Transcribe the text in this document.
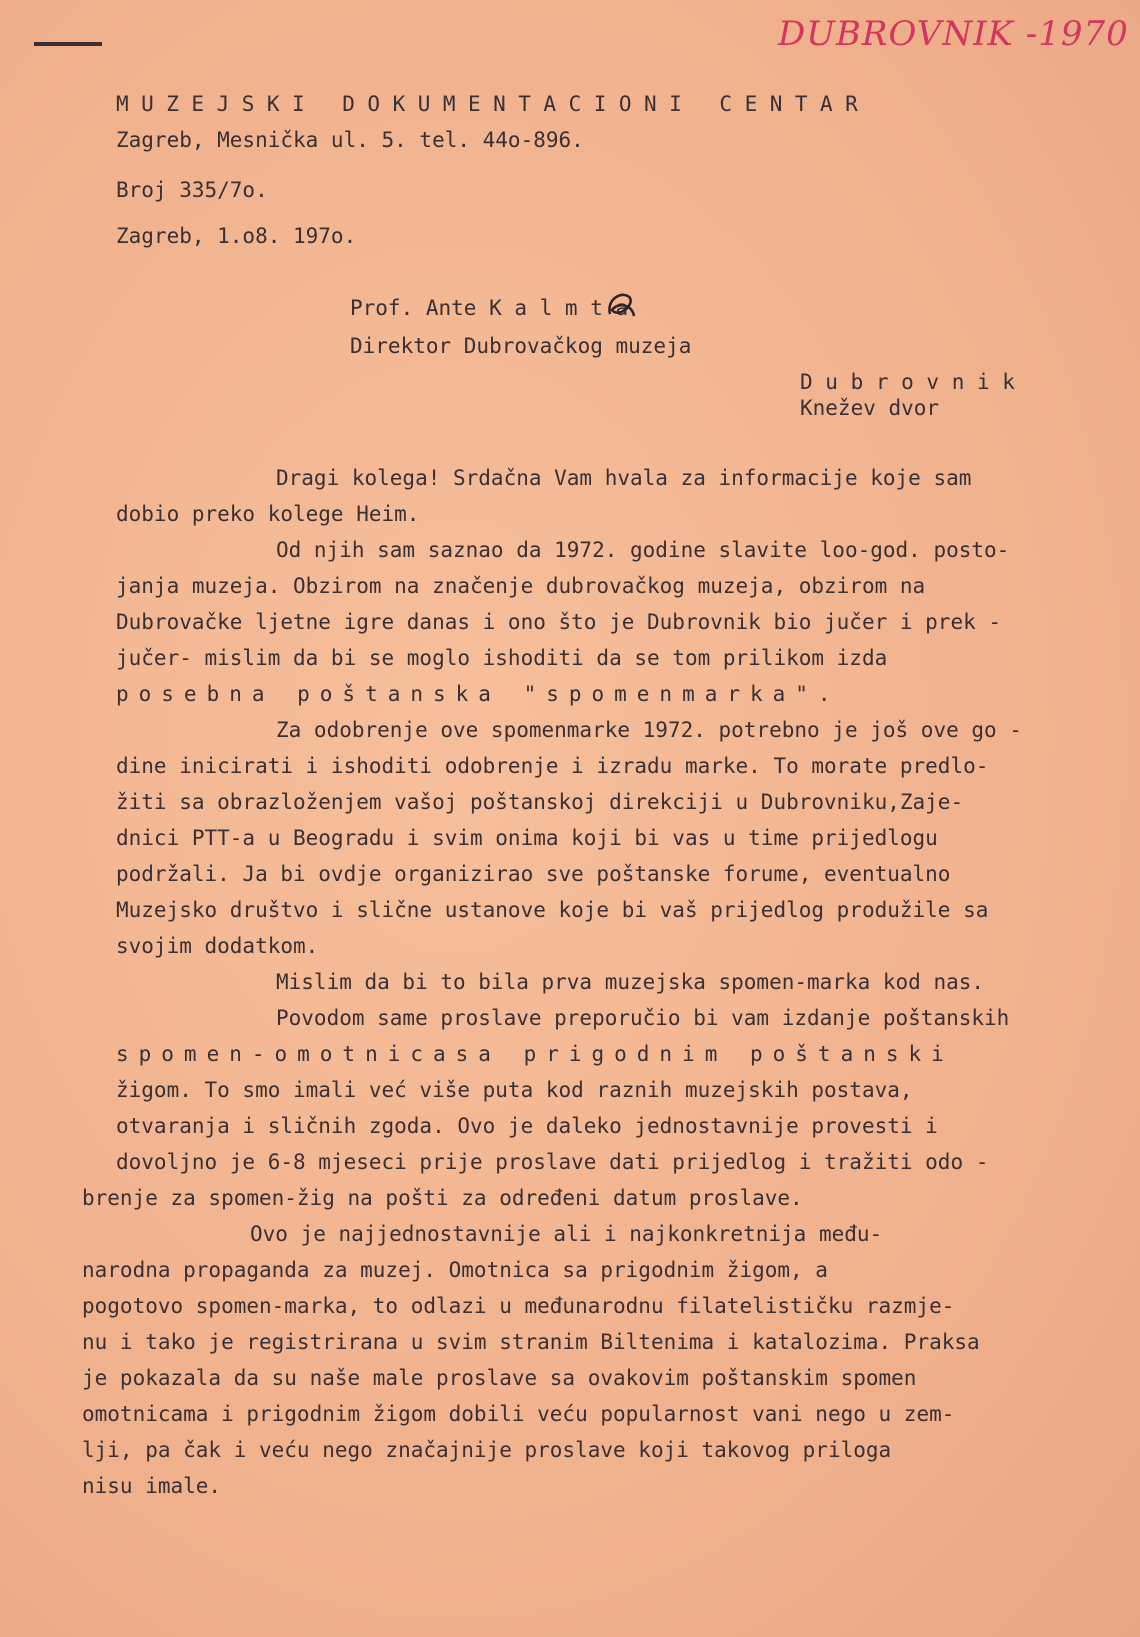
DUBROVNIK -1970
MUZEJSKI DOKUMENTACIONI CENTAR
Zagreb, Mesnička ul. 5. tel. 44o-896.
Broj 335/7o.
Zagreb, 1.o8. 197o.
Prof. Ante K a l m t a
Direktor Dubrovačkog muzeja
D u b r o v n i k
Knežev dvor
Dragi kolega! Srdačna Vam hvala za informacije koje sam
dobio preko kolege Heim.
Od njih sam saznao da 1972. godine slavite loo-god. posto-
janja muzeja. Obzirom na značenje dubrovačkog muzeja, obzirom na
Dubrovačke ljetne igre danas i ono što je Dubrovnik bio jučer i prek -
jučer- mislim da bi se moglo ishoditi da se tom prilikom izda
posebna poštanska "spomenmarka".
Za odobrenje ove spomenmarke 1972. potrebno je još ove go -
dine inicirati i ishoditi odobrenje i izradu marke. To morate predlo-
žiti sa obrazloženjem vašoj poštanskoj direkciji u Dubrovniku,Zaje-
dnici PTT-a u Beogradu i svim onima koji bi vas u time prijedlogu
podržali. Ja bi ovdje organizirao sve poštanske forume, eventualno
Muzejsko društvo i slične ustanove koje bi vaš prijedlog produžile sa
svojim dodatkom.
Mislim da bi to bila prva muzejska spomen-marka kod nas.
Povodom same proslave preporučio bi vam izdanje poštanskih
spomen-omotnicasa prigodnim poštanski
žigom. To smo imali već više puta kod raznih muzejskih postava,
otvaranja i sličnih zgoda. Ovo je daleko jednostavnije provesti i
dovoljno je 6-8 mjeseci prije proslave dati prijedlog i tražiti odo -
brenje za spomen-žig na pošti za određeni datum proslave.
Ovo je najjednostavnije ali i najkonkretnija među-
narodna propaganda za muzej. Omotnica sa prigodnim žigom, a
pogotovo spomen-marka, to odlazi u međunarodnu filatelističku razmje-
nu i tako je registrirana u svim stranim Biltenima i katalozima. Praksa
je pokazala da su naše male proslave sa ovakovim poštanskim spomen
omotnicama i prigodnim žigom dobili veću popularnost vani nego u zem-
lji, pa čak i veću nego značajnije proslave koji takovog priloga
nisu imale.
